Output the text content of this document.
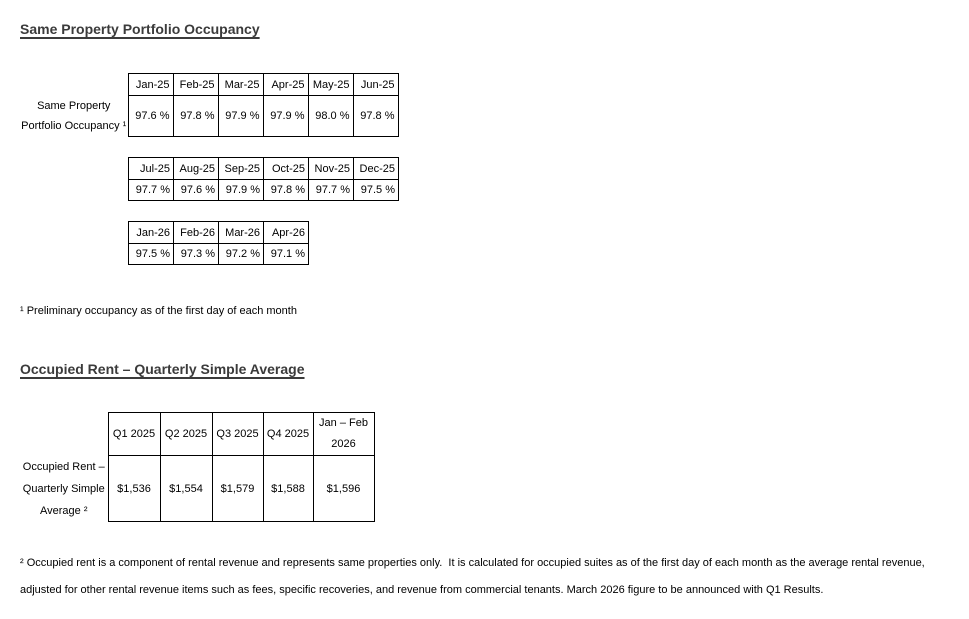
Same Property Portfolio Occupancy
	Jan-25	Feb-25	Mar-25	Apr-25	May-25	Jun-25

Same Property
Portfolio Occupancy ¹	97.6 %	97.8 %	97.9 %	97.9 %	98.0 %	97.8 %
Jul-25	Aug-25	Sep-25	Oct-25	Nov-25	Dec-25
97.7 %	97.6 %	97.9 %	97.8 %	97.7 %	97.5 %
Jan-26	Feb-26	Mar-26	Apr-26
97.5 %	97.3 %	97.2 %	97.1 %
¹ Preliminary occupancy as of the first day of each month
Occupied Rent – Quarterly Simple Average
	Q1 2025	Q2 2025	Q3 2025	Q4 2025	Jan – Feb 2026

Occupied Rent –
Quarterly Simple
Average ²	$1,536	$1,554	$1,579	$1,588	$1,596
² Occupied rent is a component of rental revenue and represents same properties only.  It is calculated for occupied suites as of the first day of each month as the average rental revenue, adjusted for other rental revenue items such as fees, specific recoveries, and revenue from commercial tenants. March 2026 figure to be announced with Q1 Results.
